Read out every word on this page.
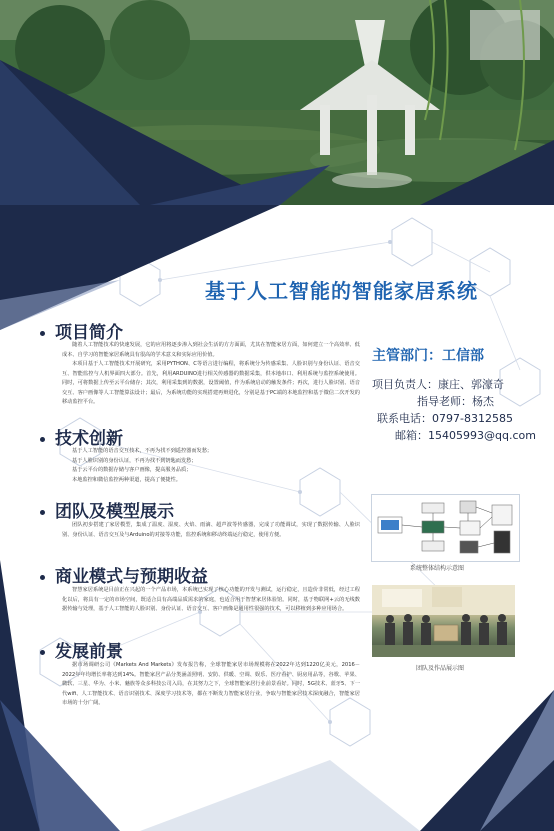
基于人工智能的智能家居系统
项目简介
随着人工智能技术的快速发展，它的应用将逐步渗入到社会生活的方方面面，尤其在智能家居方面，如何建立一个高效率、低成本、自学习的智能家居系统具有很高的学术意义和实际应用价值。
本项目基于人工智能技术开展研究，采用PYTHON、C等语言进行编程，将系统分为传感采集、人脸识别与身份认证、语音交互、智能监控与人机界面四大部分。首先，利用ARDUINO进行相关传感器的数据采集，供本地串口、利用系统与监控系统使用。同时，可将数据上传至云平台储存；其次，利用采集到的数据，设置阈值，作为系统启动的触发条件；再次，进行人脸识别、语音交互、客户画像等人工智能算法设计；最后，为系统功能的实现搭建再辩进化，分别是基于PC端的本地监控和基于微信二次开发的移动监控平台。
技术创新
基于人工智能的语音交互技术，不再为找不到遥控器而发愁；
基于人脸识别的身份认证，不再为找不到钥匙而发愁；
基于云平台的数据存储与客户画像，提高服务品质；
本地监控和微信监控两种渠道，提高了便捷性。
团队及模型展示
团队初步搭建了家居模型，集成了温度、湿度、火焰、雨滴、超声波等传感器，完成了功能调试，实现了数据传输、人脸识别、身份认证、语音交互及与Arduino的对接等功能，监控系统和移动终端运行稳定，使用方便。
商业模式与预期收益
智慧家居系统是目前正在兴起的一个产品市场，本系统已实现了核心功能的开发与测试，运行稳定，且造价非常低，经过工程化以后，将具有一定的市场空间，既适合具有高端品质需求的家庭，也适合用于智慧家居体验馆。同时，基于物联网+云的无线数据传输与处理，基于人工智能的人脸识别、身份认证、语音交互、客户画像是通用性很强的技术，可以移植到多种应用场合。
发展前景
据市场调研公司《Markets And Markets》发布报告称，全球智能家居市场规模将在2022年达到1220亿美元，2016－2022年年均增长率将达到14%。智能家居产品分类涵盖照明、安防、供暖、空调、娱乐、医疗看护、厨房用品等，谷歌、苹果、微软、三星、华为、小米、魅族等众多科技公司入局，在其努力之下，全球智能家居行业前景看好。同时，5G技术、蓝牙5、下一代wifi、人工智能技术、语音识别技术、深度学习技术等，都在不断发力智能家居行业，争取与智能家居技术深度融合，智能家居市场的十分广阔。
主管部门：工信部
项目负责人：康庄、郭濠奇
指导老师：杨杰
联系电话：0797-8312585
邮箱：15405993@qq.com
系统整体结构示意图
团队及作品展示图
